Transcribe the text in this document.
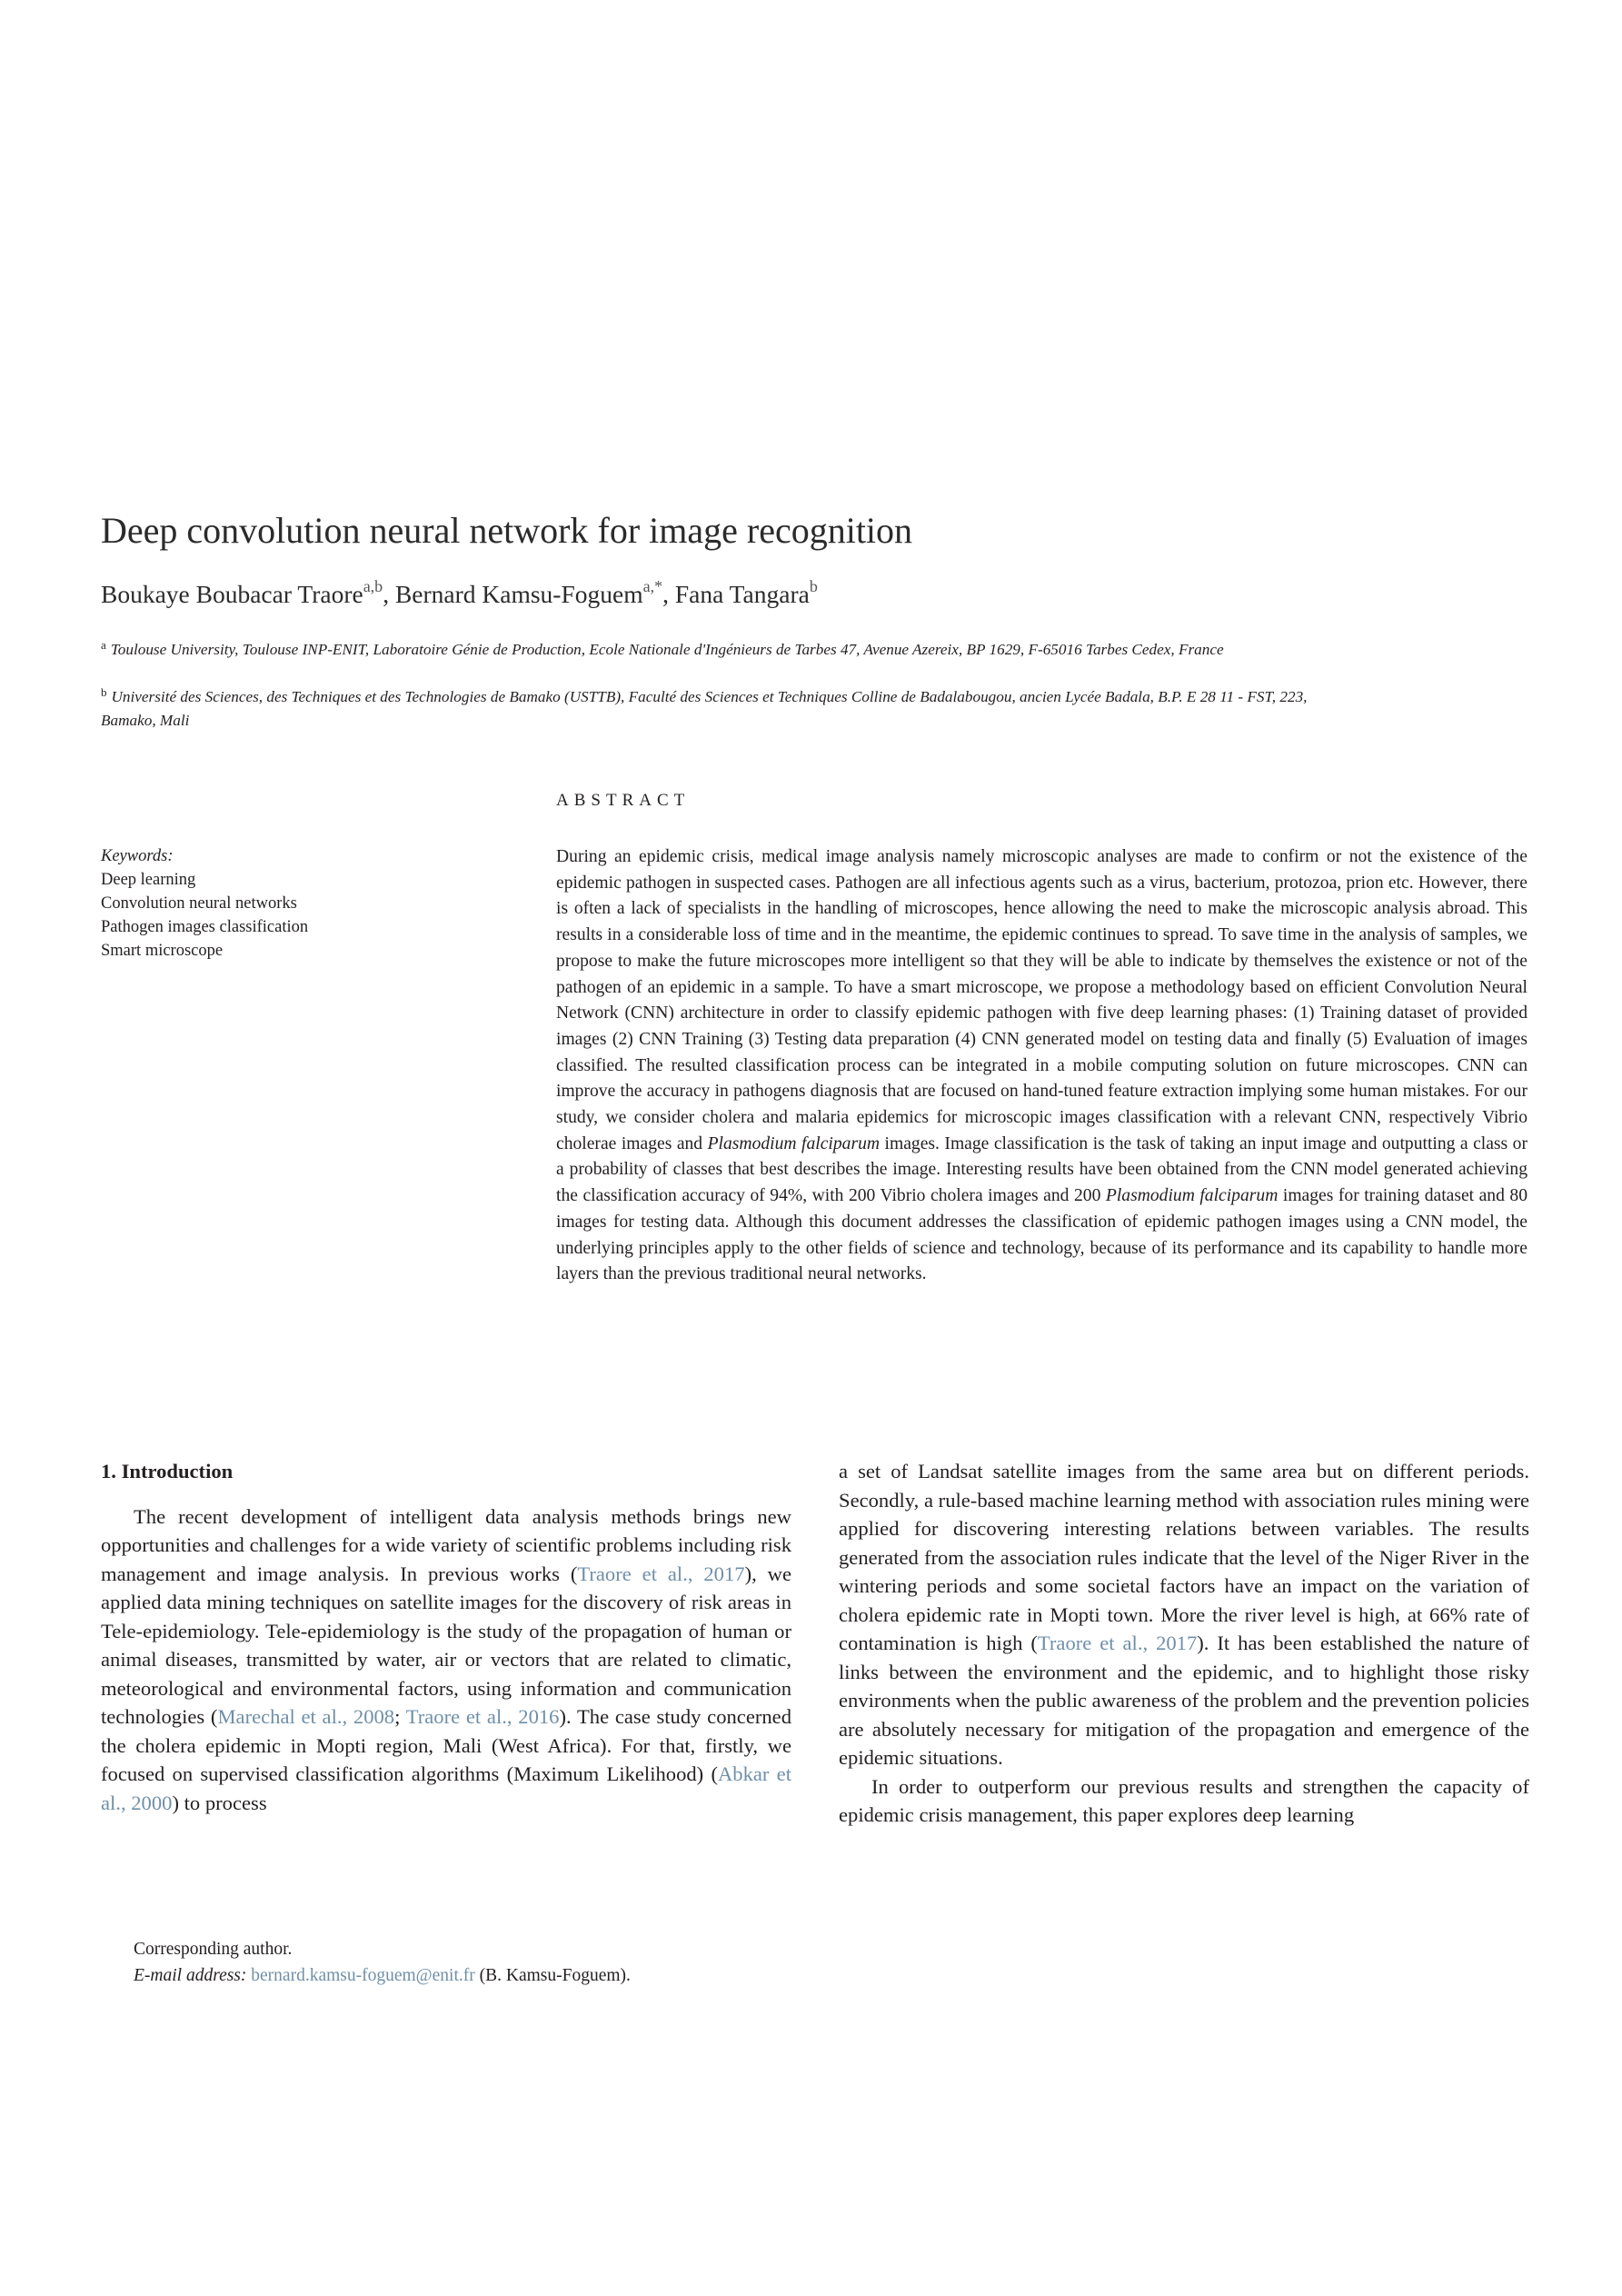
Deep convolution neural network for image recognition
Boukaye Boubacar Traore$^{a,b}$, Bernard Kamsu-Foguem$^{a,*}$, Fana Tangara$^b$
$^a$ Toulouse University, Toulouse INP-ENIT, Laboratoire Génie de Production, Ecole Nationale d'Ingénieurs de Tarbes 47, Avenue Azereix, BP 1629, F-65016 Tarbes Cedex, France
$^b$ Université des Sciences, des Techniques et des Technologies de Bamako (USTTB), Faculté des Sciences et Techniques Colline de Badalabougou, ancien Lycée Badala, B.P. E 28 11 - FST, 223, Bamako, Mali
ABSTRACT
Keywords:
Deep learning
Convolution neural networks
Pathogen images classification
Smart microscope

During an epidemic crisis, medical image analysis namely microscopic analyses are made to confirm or not the existence of the epidemic pathogen in suspected cases. Pathogen are all infectious agents such as a virus, bacterium, protozoa, prion etc. However, there is often a lack of specialists in the handling of microscopes, hence allowing the need to make the microscopic analysis abroad. This results in a considerable loss of time and in the meantime, the epidemic continues to spread. To save time in the analysis of samples, we propose to make the future microscopes more intelligent so that they will be able to indicate by themselves the existence or not of the pathogen of an epidemic in a sample. To have a smart microscope, we propose a methodology based on efficient Convolution Neural Network (CNN) architecture in order to classify epidemic pathogen with five deep learning phases: (1) Training dataset of provided images (2) CNN Training (3) Testing data preparation (4) CNN generated model on testing data and finally (5) Evaluation of images classified. The resulted classification process can be integrated in a mobile computing solution on future microscopes. CNN can improve the accuracy in pathogens diagnosis that are focused on hand-tuned feature extraction implying some human mistakes. For our study, we consider cholera and malaria epidemics for microscopic images classification with a relevant CNN, respectively Vibrio cholerae images and Plasmodium falciparum images. Image classification is the task of taking an input image and outputting a class or a probability of classes that best describes the image. Interesting results have been obtained from the CNN model generated achieving the classification accuracy of 94%, with 200 Vibrio cholera images and 200 Plasmodium falciparum images for training dataset and 80 images for testing data. Although this document addresses the classification of epidemic pathogen images using a CNN model, the underlying principles apply to the other fields of science and technology, because of its performance and its capability to handle more layers than the previous traditional neural networks.

1. Introduction

The recent development of intelligent data analysis methods brings new opportunities and challenges for a wide variety of scientific problems including risk management and image analysis. In previous works (Traore et al., 2017), we applied data mining techniques on satellite images for the discovery of risk areas in Tele-epidemiology. Tele-epidemiology is the study of the propagation of human or animal diseases, transmitted by water, air or vectors that are related to climatic, meteorological and environmental factors, using information and communication technologies (Marechal et al., 2008; Traore et al., 2016). The case study concerned the cholera epidemic in Mopti region, Mali (West Africa). For that, firstly, we focused on supervised classification algorithms (Maximum Likelihood) (Abkar et al., 2000) to process

a set of Landsat satellite images from the same area but on different periods. Secondly, a rule-based machine learning method with association rules mining were applied for discovering interesting relations between variables. The results generated from the association rules indicate that the level of the Niger River in the wintering periods and some societal factors have an impact on the variation of cholera epidemic rate in Mopti town. More the river level is high, at 66% rate of contamination is high (Traore et al., 2017). It has been established the nature of links between the environment and the epidemic, and to highlight those risky environments when the public awareness of the problem and the prevention policies are absolutely necessary for mitigation of the propagation and emergence of the epidemic situations.

In order to outperform our previous results and strengthen the capacity of epidemic crisis management, this paper explores deep learning

Corresponding author.
E-mail address: bernard.kamsu-foguem@enit.fr (B. Kamsu-Foguem).
